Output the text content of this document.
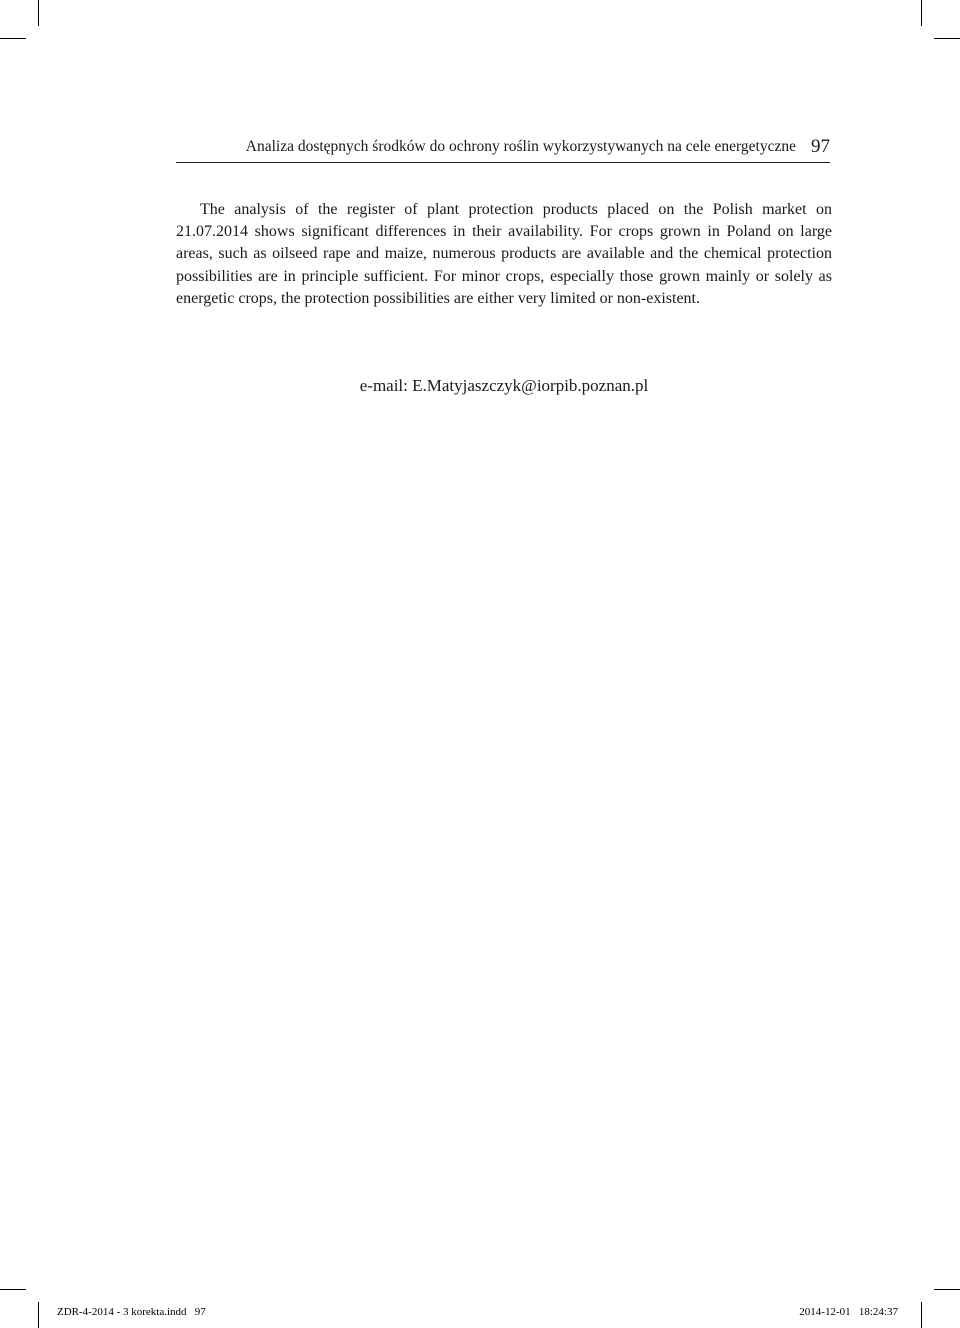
Analiza dostępnych środków do ochrony roślin wykorzystywanych na cele energetyczne 97

The analysis of the register of plant protection products placed on the Polish market on 21.07.2014 shows significant differences in their availability. For crops grown in Poland on large areas, such as oilseed rape and maize, numerous products are available and the chemical protection possibilities are in principle sufficient. For minor crops, especially those grown mainly or solely as energetic crops, the protection possibilities are either very limited or non-existent.

e-mail: E.Matyjaszczyk@iorpib.poznan.pl
ZDR-4-2014 - 3 korekta.indd   97	2014-12-01   18:24:37
